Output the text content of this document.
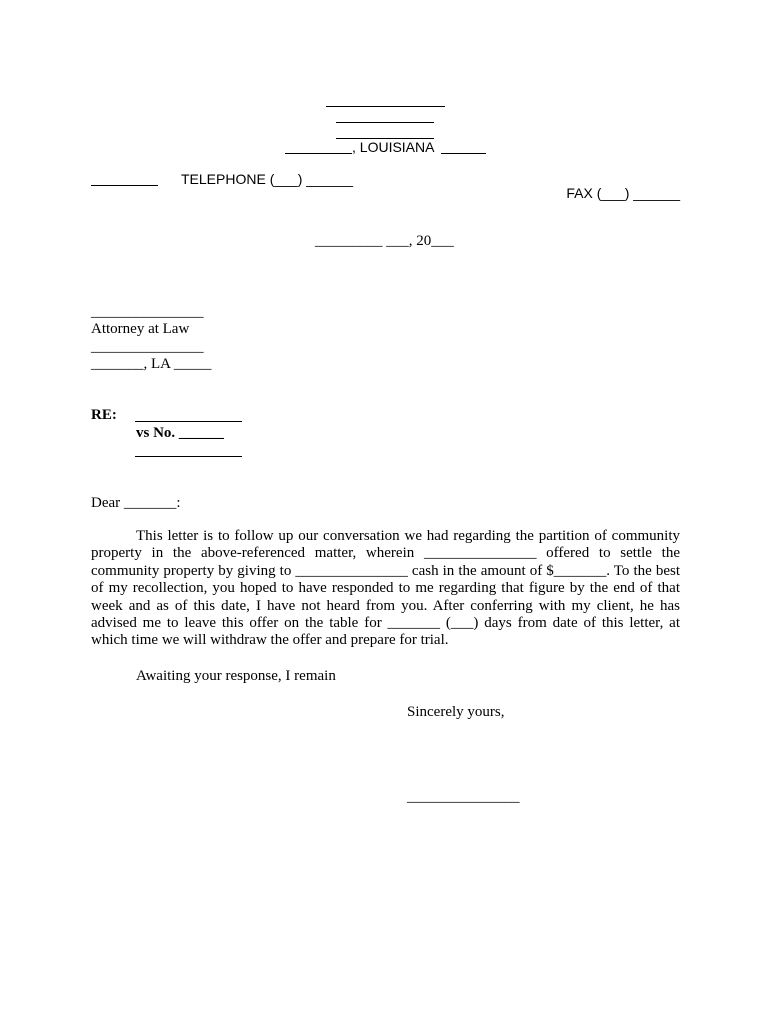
, LOUISIANA
TELEPHONE (___) ______
FAX (___) ______
_________ ___, 20___
_______________
Attorney at Law
_______________
_______, LA _____
RE:
vs No. ______
Dear _______:

This letter is to follow up our conversation we had regarding the partition of community property in the above-referenced matter, wherein _______________ offered to settle the community property by giving to _______________ cash in the amount of $_______. To the best of my recollection, you hoped to have responded to me regarding that figure by the end of that week and as of this date, I have not heard from you. After conferring with my client, he has advised me to leave this offer on the table for _______ (___) days from date of this letter, at which time we will withdraw the offer and prepare for trial.

Awaiting your response, I remain
Sincerely yours,
_______________
